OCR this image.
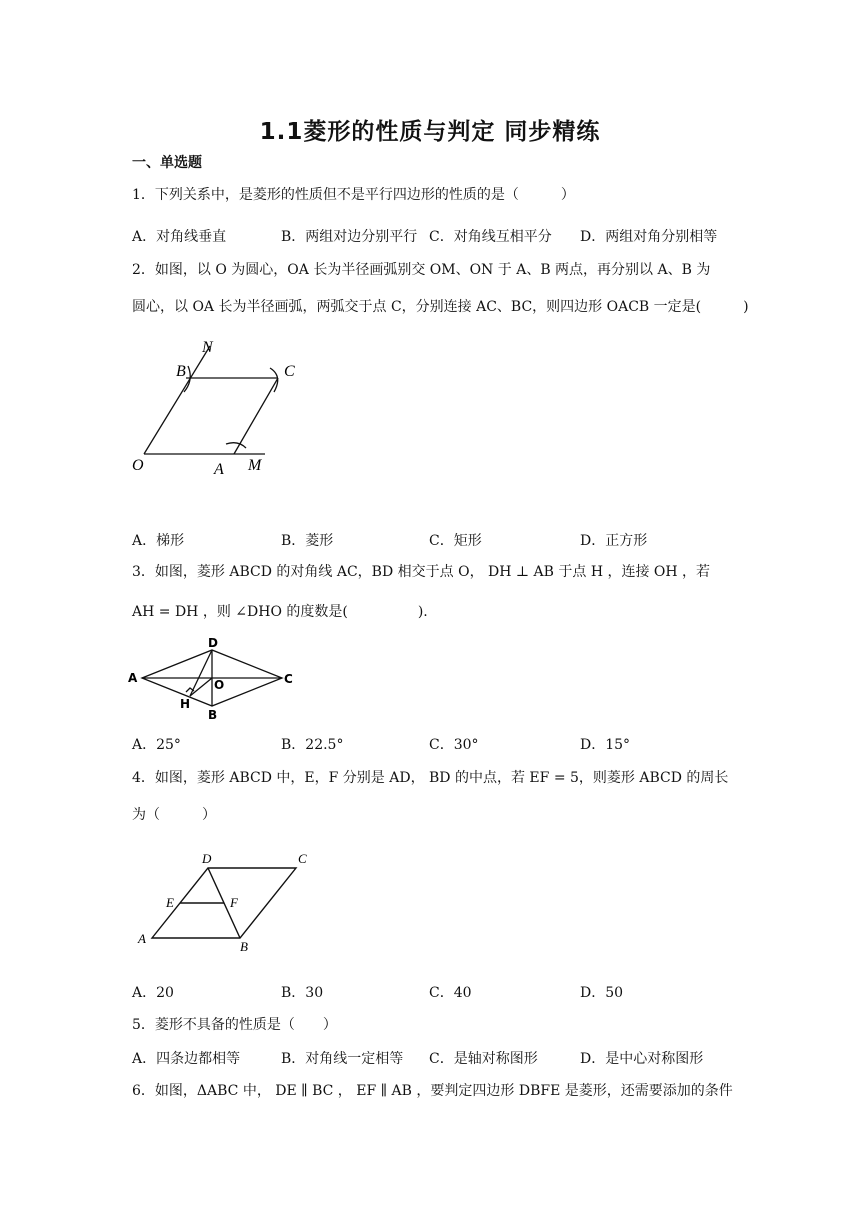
1.1菱形的性质与判定 同步精练
一、单选题
1．下列关系中，是菱形的性质但不是平行四边形的性质的是（　　　）
A．对角线垂直	B．两组对边分别平行 C．对角线互相平分 D．两组对角分别相等
2．如图，以 O 为圆心，OA 长为半径画弧别交 OM、ON 于 A、B 两点，再分别以 A、B 为
圆心，以 OA 长为半径画弧，两弧交于点 C，分别连接 AC、BC，则四边形 OACB 一定是(　　　)
N
B	C
O	A M
A．梯形	B．菱形	C．矩形	D．正方形
3．如图，菱形 ABCD 的对角线 AC，BD 相交于点 O， DH ⊥ AB 于点 H ，连接 OH ，若
AH = DH ，则 ∠DHO 的度数是(　　　　　).
A
D
C
B
O
H
A．25°	B．22.5°	C．30°	D．15°
4．如图，菱形 ABCD 中，E，F 分别是 AD， BD 的中点，若 EF = 5，则菱形 ABCD 的周长
为（　　　）
D	C
E	F
A
B
A．20	B．30	C．40	D．50
5．菱形不具备的性质是（　　）
A．四条边都相等	B．对角线一定相等 C．是轴对称图形	D．是中心对称图形
6．如图，ΔABC 中， DE ∥ BC ， EF ∥ AB ，要判定四边形 DBFE 是菱形，还需要添加的条件
